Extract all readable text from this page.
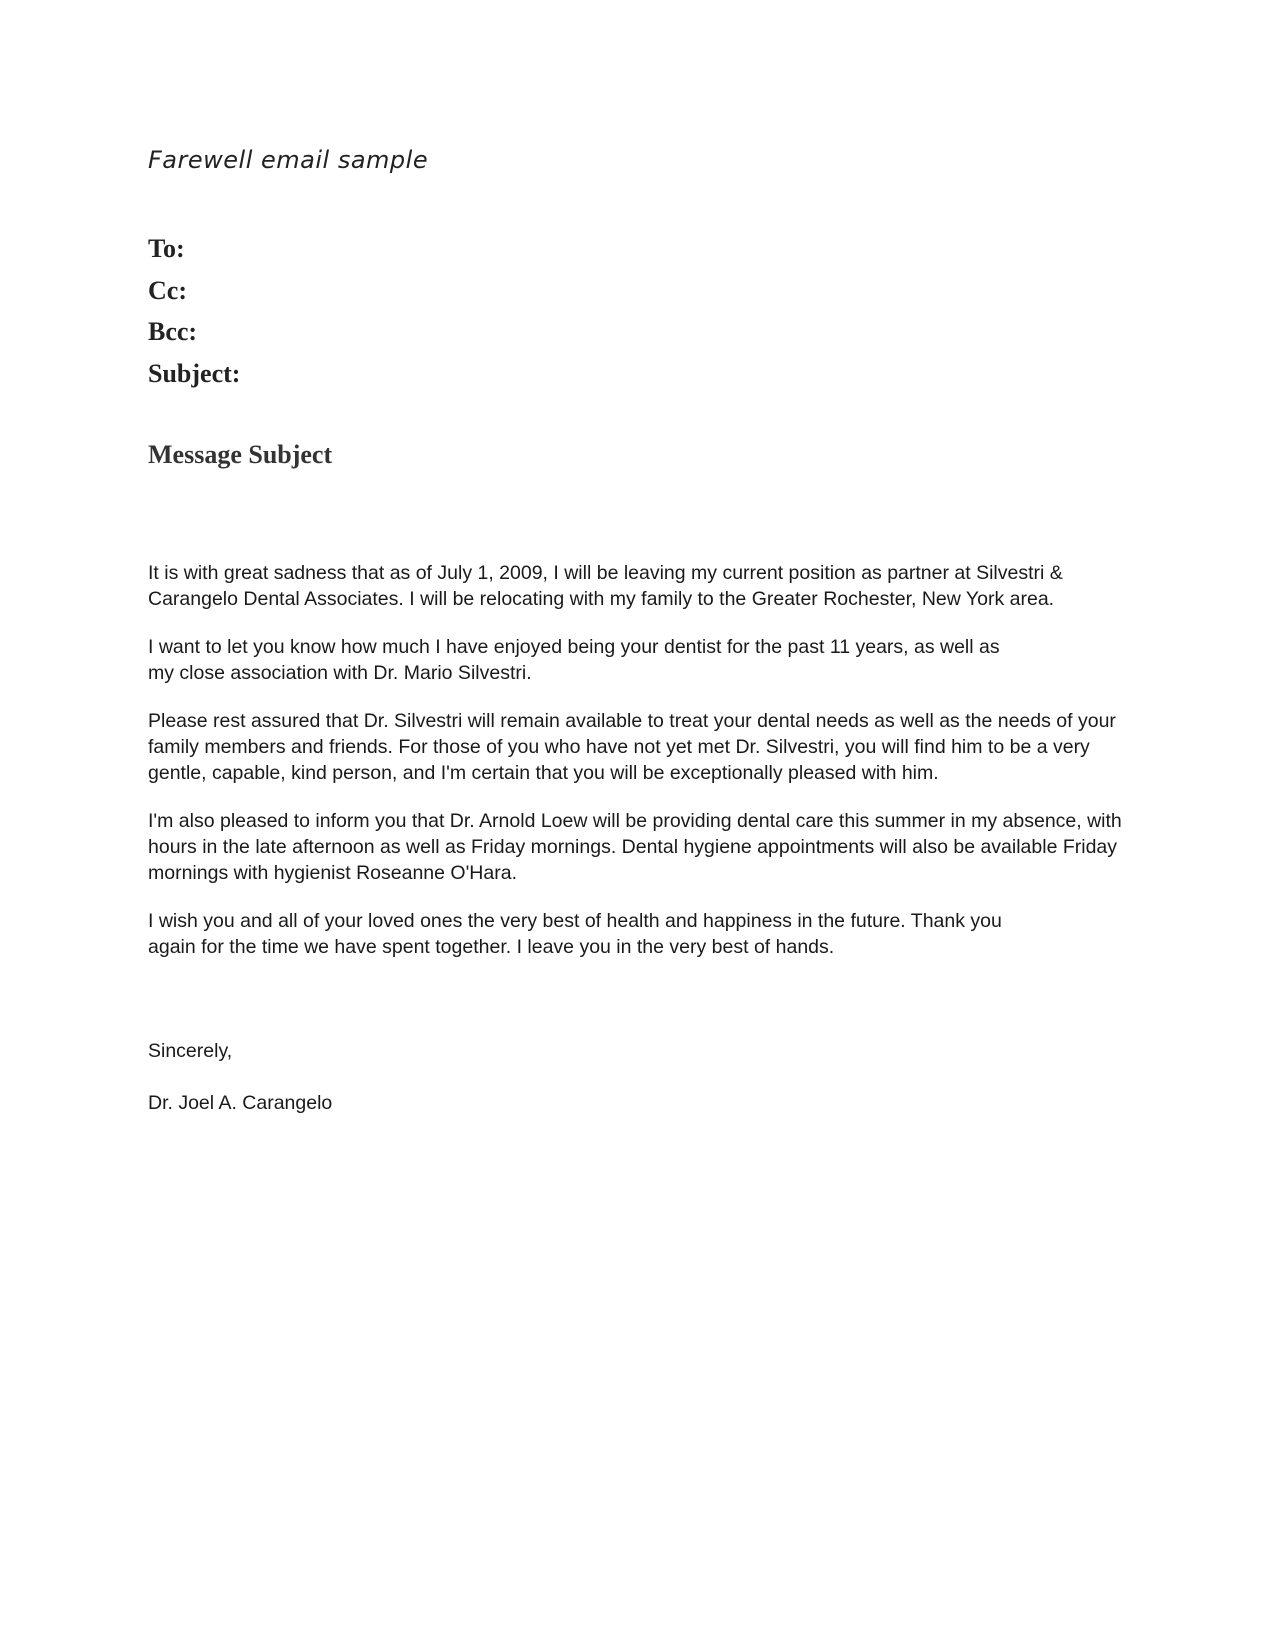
Farewell email sample
To:
Cc:
Bcc:
Subject:
Message Subject

It is with great sadness that as of July 1, 2009, I will be leaving my current position as partner at Silvestri & Carangelo Dental Associates. I will be relocating with my family to the Greater Rochester, New York area.

I want to let you know how much I have enjoyed being your dentist for the past 11 years, as well as my close association with Dr. Mario Silvestri.

Please rest assured that Dr. Silvestri will remain available to treat your dental needs as well as the needs of your family members and friends. For those of you who have not yet met Dr. Silvestri, you will find him to be a very gentle, capable, kind person, and I'm certain that you will be exceptionally pleased with him.

I'm also pleased to inform you that Dr. Arnold Loew will be providing dental care this summer in my absence, with hours in the late afternoon as well as Friday mornings. Dental hygiene appointments will also be available Friday mornings with hygienist Roseanne O'Hara.

I wish you and all of your loved ones the very best of health and happiness in the future. Thank you again for the time we have spent together. I leave you in the very best of hands.

Sincerely,
Dr. Joel A. Carangelo
